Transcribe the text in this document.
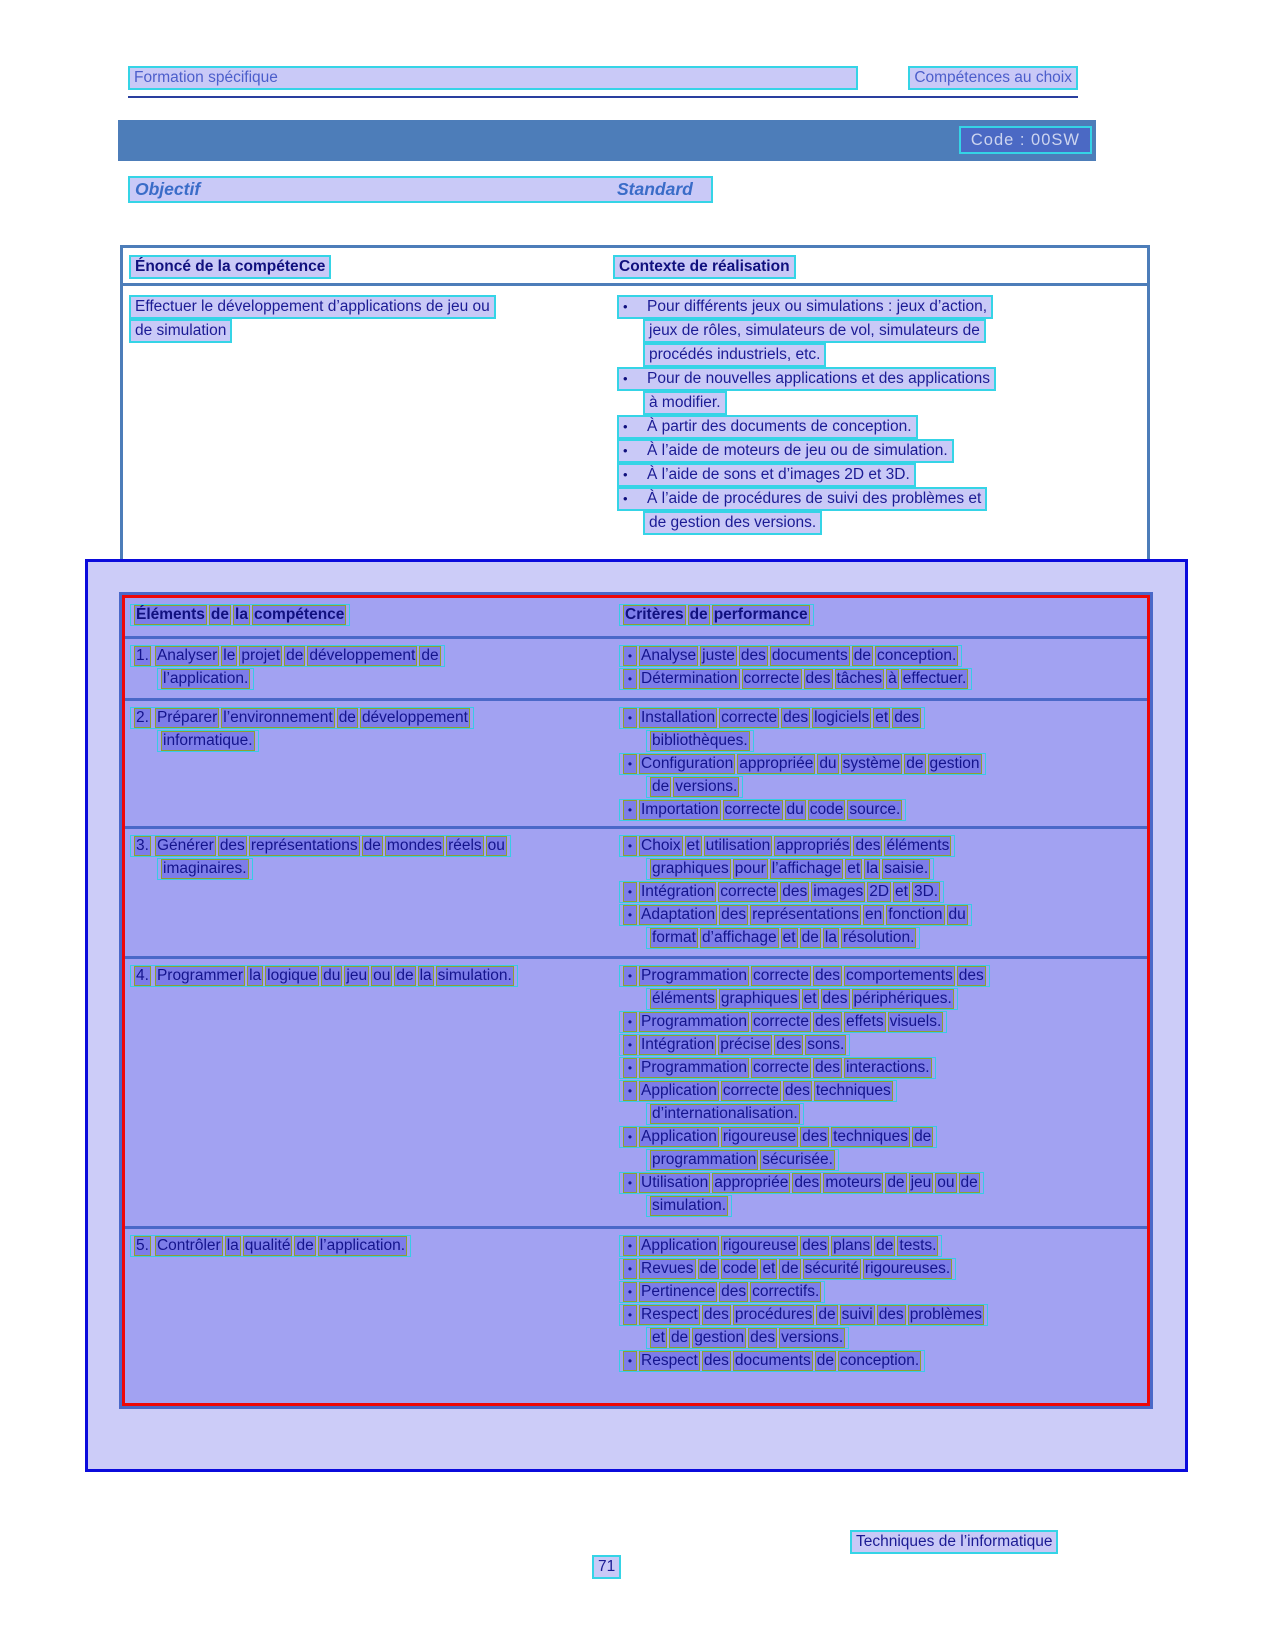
Formation spécifique	Compétences au choix
Code : 00SW
Objectif	Standard
Énoncé de la compétence	Contexte de réalisation
Effectuer le développement d’applications de jeu ou
de simulation
• Pour différents jeux ou simulations : jeux d’action,
jeux de rôles, simulateurs de vol, simulateurs de
procédés industriels, etc.
• Pour de nouvelles applications et des applications
à modifier.
• À partir des documents de conception.
• À l’aide de moteurs de jeu ou de simulation.
• À l’aide de sons et d’images 2D et 3D.
• À l’aide de procédures de suivi des problèmes et
de gestion des versions.
Éléments de la compétence	Critères de performance
1. Analyser le projet de développement de
l’application.
• Analyse juste des documents de conception.
• Détermination correcte des tâches à effectuer.
2. Préparer l’environnement de développement
informatique.
• Installation correcte des logiciels et des
bibliothèques.
• Configuration appropriée du système de gestion
de versions.
• Importation correcte du code source.
3. Générer des représentations de mondes réels ou
imaginaires.
• Choix et utilisation appropriés des éléments
graphiques pour l’affichage et la saisie.
• Intégration correcte des images 2D et 3D.
• Adaptation des représentations en fonction du
format d’affichage et de la résolution.
4. Programmer la logique du jeu ou de la simulation.	• Programmation correcte des comportements des
éléments graphiques et des périphériques.
• Programmation correcte des effets visuels.
• Intégration précise des sons.
• Programmation correcte des interactions.
• Application correcte des techniques
d’internationalisation.
• Application rigoureuse des techniques de
programmation sécurisée.
• Utilisation appropriée des moteurs de jeu ou de
simulation.
5. Contrôler la qualité de l’application.	• Application rigoureuse des plans de tests.
• Revues de code et de sécurité rigoureuses.
• Pertinence des correctifs.
• Respect des procédures de suivi des problèmes
et de gestion des versions.
• Respect des documents de conception.
Techniques de l’informatique
71
